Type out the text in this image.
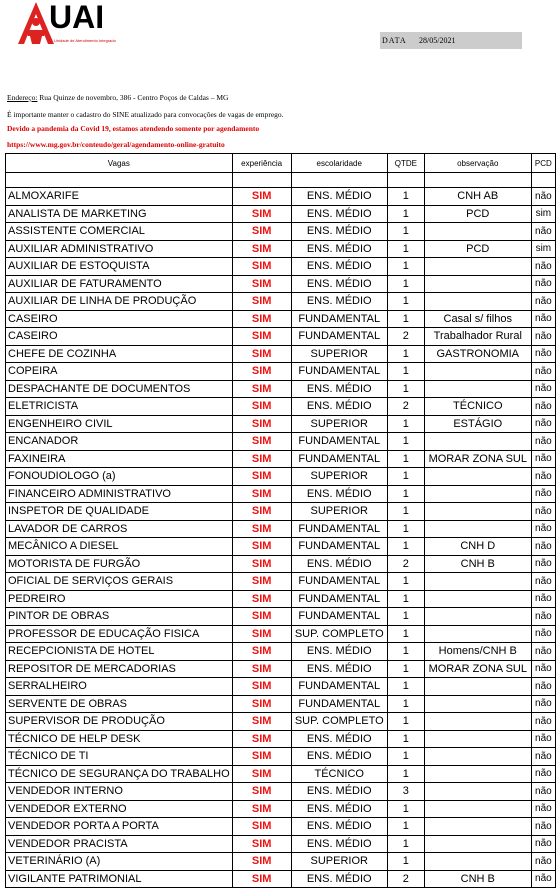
UAI
Unidade de Atendimento Integrado	DATA 28/05/2021
Endereço: Rua Quinze de novembro, 386 - Centro Poços de Caldas – MG
É importante manter o cadastro do SINE atualizado para convocações de vagas de emprego.
Devido a pandemia da Covid 19, estamos atendendo somente por agendamento
https://www.mg.gov.br/conteudo/geral/agendamento-online-gratuito
Vagas	experiência	escolaridade	QTDE	observação	PCD

ALMOXARIFE	SIM	ENS. MÉDIO	1	CNH AB	não
ANALISTA DE MARKETING	SIM	ENS. MÉDIO	1	PCD	sim
ASSISTENTE COMERCIAL	SIM	ENS. MÉDIO	1		não
AUXILIAR ADMINISTRATIVO	SIM	ENS. MÉDIO	1	PCD	sim
AUXILIAR DE ESTOQUISTA	SIM	ENS. MÉDIO	1		não
AUXILIAR DE FATURAMENTO	SIM	ENS. MÉDIO	1		não
AUXILIAR DE LINHA DE PRODUÇÃO	SIM	ENS. MÉDIO	1		não
CASEIRO	SIM	FUNDAMENTAL	1	Casal s/ filhos	não
CASEIRO	SIM	FUNDAMENTAL	2	Trabalhador Rural	não
CHEFE DE COZINHA	SIM	SUPERIOR	1	GASTRONOMIA	não
COPEIRA	SIM	FUNDAMENTAL	1		não
DESPACHANTE DE DOCUMENTOS	SIM	ENS. MÉDIO	1		não
ELETRICISTA	SIM	ENS. MÉDIO	2	TÉCNICO	não
ENGENHEIRO CIVIL	SIM	SUPERIOR	1	ESTÁGIO	não
ENCANADOR	SIM	FUNDAMENTAL	1		não
FAXINEIRA	SIM	FUNDAMENTAL	1	MORAR ZONA SUL	não
FONOUDIOLOGO (a)	SIM	SUPERIOR	1		não
FINANCEIRO ADMINISTRATIVO	SIM	ENS. MÉDIO	1		não
INSPETOR DE QUALIDADE	SIM	SUPERIOR	1		não
LAVADOR DE CARROS	SIM	FUNDAMENTAL	1		não
MECÂNICO A DIESEL	SIM	FUNDAMENTAL	1	CNH D	não
MOTORISTA DE FURGÃO	SIM	ENS. MÉDIO	2	CNH B	não
OFICIAL DE SERVIÇOS GERAIS	SIM	FUNDAMENTAL	1		não
PEDREIRO	SIM	FUNDAMENTAL	1		não
PINTOR DE OBRAS	SIM	FUNDAMENTAL	1		não
PROFESSOR DE EDUCAÇÃO FISICA	SIM	SUP. COMPLETO	1		não
RECEPCIONISTA DE HOTEL	SIM	ENS. MÉDIO	1	Homens/CNH B	não
REPOSITOR DE MERCADORIAS	SIM	ENS. MÉDIO	1	MORAR ZONA SUL	não
SERRALHEIRO	SIM	FUNDAMENTAL	1		não
SERVENTE DE OBRAS	SIM	FUNDAMENTAL	1		não
SUPERVISOR DE PRODUÇÃO	SIM	SUP. COMPLETO	1		não
TÉCNICO DE HELP DESK	SIM	ENS. MÉDIO	1		não
TÉCNICO DE TI	SIM	ENS. MÉDIO	1		não
TÉCNICO DE SEGURANÇA DO TRABALHO	SIM	TÉCNICO	1		não
VENDEDOR INTERNO	SIM	ENS. MÉDIO	3		não
VENDEDOR EXTERNO	SIM	ENS. MÉDIO	1		não
VENDEDOR PORTA A PORTA	SIM	ENS. MÉDIO	1		não
VENDEDOR PRACISTA	SIM	ENS. MÉDIO	1		não
VETERINÁRIO (A)	SIM	SUPERIOR	1		não
VIGILANTE PATRIMONIAL	SIM	ENS. MÉDIO	2	CNH B	não
